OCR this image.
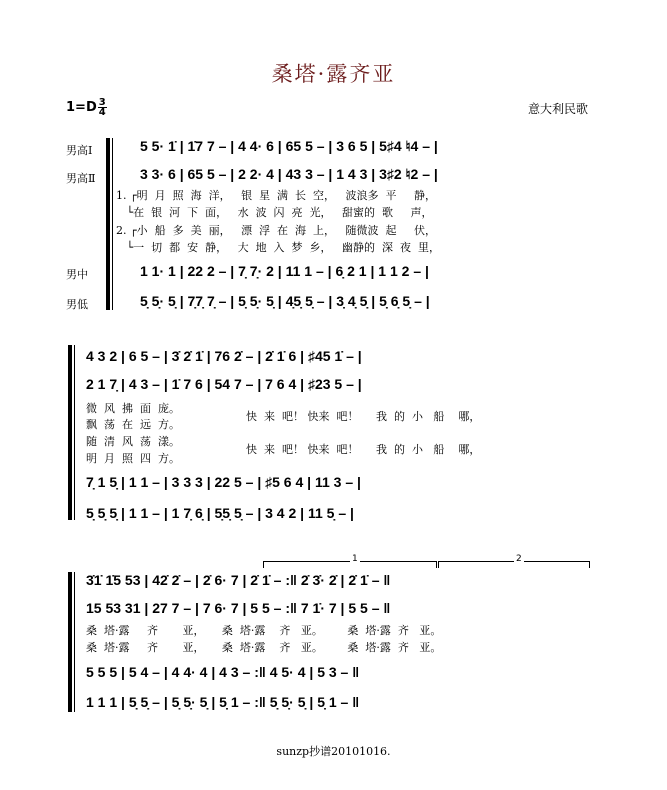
桑塔·露齐亚
$1=D \frac{3}{4}$	意大利民歌
男高Ⅰ
男高Ⅱ
男中
男低
5 5· 1̇ | 1̇7 7 – | 4 4· 6 | 65 5 – | 3 6 5 | 5♯4 ♮4 – |
3 3· 6 | 65 5 – | 2 2· 4 | 43 3 – | 1 4 3 | 3♯2 ♮2 – |
1. ┌明  月  照  海  洋，   银  星  满  长  空，   波浪多  平     静，
└在  银  河  下  面，   水  波  闪  亮  光，   甜蜜的  歌     声，
2. ┌小  船  多  美  丽，   漂  浮  在  海  上，   随微波  起     伏，
└一  切  都  安  静，   大  地  入  梦  乡，   幽静的  深  夜  里，
1 1· 1 | 22 2 – | 7̣ 7̣· 2 | 11 1 – | 6̣ 2 1 | 1 1 2 – |
5̣ 5̣· 5̣ | 7̣7̣ 7̣ – | 5̣ 5̣· 5̣ | 4̣5̣ 5̣ – | 3̣ 4̣ 5̣ | 5̣ 6̣ 5̣ – |
4 3 2 | 6 5 – | 3̇ 2̇ 1̇ | 76 2̇ – | 2̇ 1̇ 6 | ♯45 1̇ – |
2 1 7̣ | 4 3 – | 1̇ 7 6 | 54 7 – | 7 6 4 | ♯23 5 – |
微  风  拂  面  庞。
飘  荡  在  远  方。
随  清  风  荡  漾。
明  月  照  四  方。
快  来  吧！ 快来  吧！     我  的  小   船    哪，
快  来  吧！ 快来  吧！     我  的  小   船    哪，
7̣ 1 5̣ | 1 1 – | 3 3 3 | 22 5 – | ♯5 6 4 | 11 3 – |
5̣ 5̣ 5̣ | 1 1 – | 1 7̣ 6̣ | 5̣5̣ 5̣ – | 3 4 2 | 11 5̣ – |
1	2
3̇1̇ 1̇5 53 | 42̇ 2̇ – | 2̇ 6· 7 | 2̇ 1̇ – :‖ 2̇ 3̇· 2̇ | 2̇ 1̇ – ‖
15 53 31 | 27 7 – | 7 6· 7 | 5 5 – :‖ 7 1̇· 7 | 5 5 – ‖
桑  塔·露     齐       亚，     桑  塔·露    齐   亚。       桑  塔·露  齐   亚。
桑  塔·露     齐       亚，     桑  塔·露    齐   亚。       桑  塔·露  齐   亚。
5 5 5 | 5 4 – | 4 4· 4 | 4 3 – :‖ 4 5· 4 | 5 3 – ‖
1 1 1 | 5̣ 5̣ – | 5̣ 5̣· 5̣ | 5̣ 1 – :‖ 5̣ 5̣· 5̣ | 5̣ 1 – ‖
sunzp抄谱20101016.
